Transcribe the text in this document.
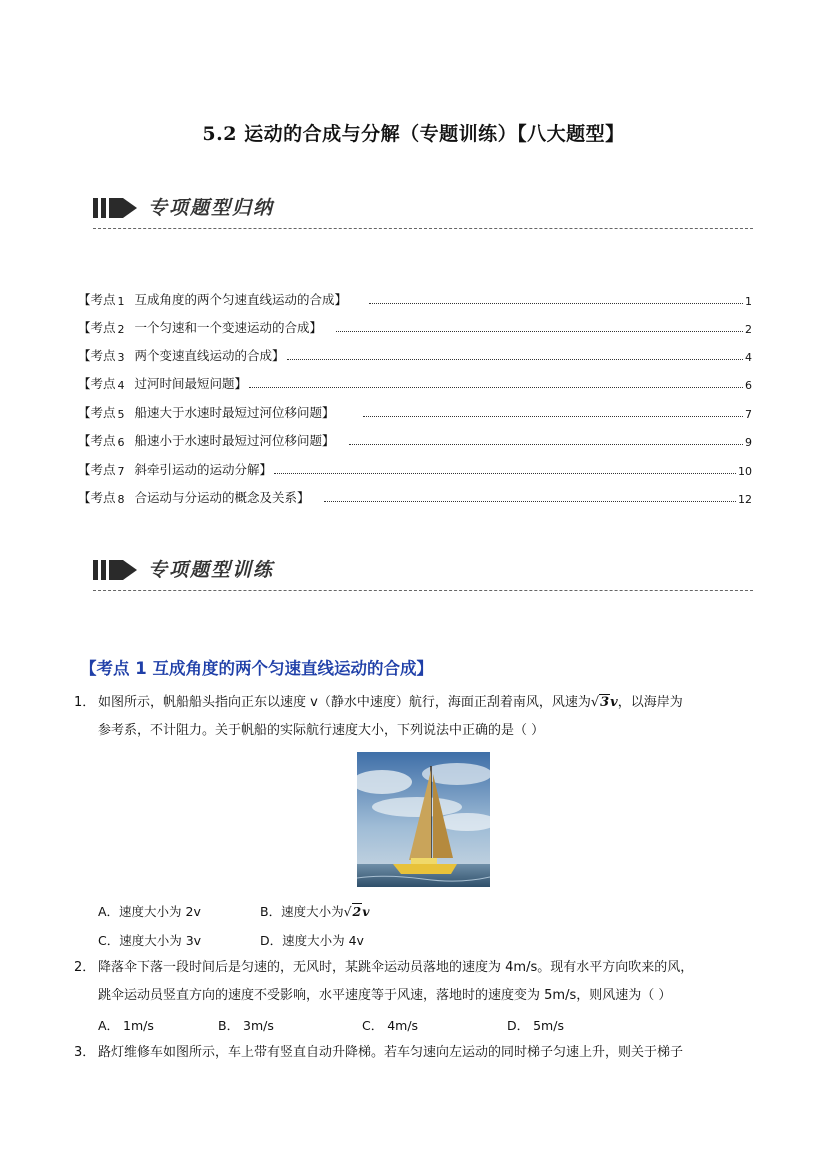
5.2 运动的合成与分解（专题训练）【八大题型】
专项题型归纳
【考点 1 互成角度的两个匀速直线运动的合成】	1
【考点 2 一个匀速和一个变速运动的合成】	2
【考点 3 两个变速直线运动的合成】	4
【考点 4 过河时间最短问题】	6
【考点 5 船速大于水速时最短过河位移问题】	7
【考点 6 船速小于水速时最短过河位移问题】	9
【考点 7 斜牵引运动的运动分解】	10
【考点 8 合运动与分运动的概念及关系】	12
专项题型训练
【考点 1 互成角度的两个匀速直线运动的合成】
1． 如图所示，帆船船头指向正东以速度 v（静水中速度）航行，海面正刮着南风，风速为√3v，以海岸为
参考系，不计阻力。关于帆船的实际航行速度大小，下列说法中正确的是（ ）
A．速度大小为 2v	B．速度大小为√2v
C．速度大小为 3v	D．速度大小为 4v
2． 降落伞下落一段时间后是匀速的，无风时，某跳伞运动员落地的速度为 4m/s。现有水平方向吹来的风，
跳伞运动员竖直方向的速度不受影响，水平速度等于风速，落地时的速度变为 5m/s，则风速为（ ）
A． 1m/s	B． 3m/s	C． 4m/s	D． 5m/s
3． 路灯维修车如图所示，车上带有竖直自动升降梯。若车匀速向左运动的同时梯子匀速上升，则关于梯子
